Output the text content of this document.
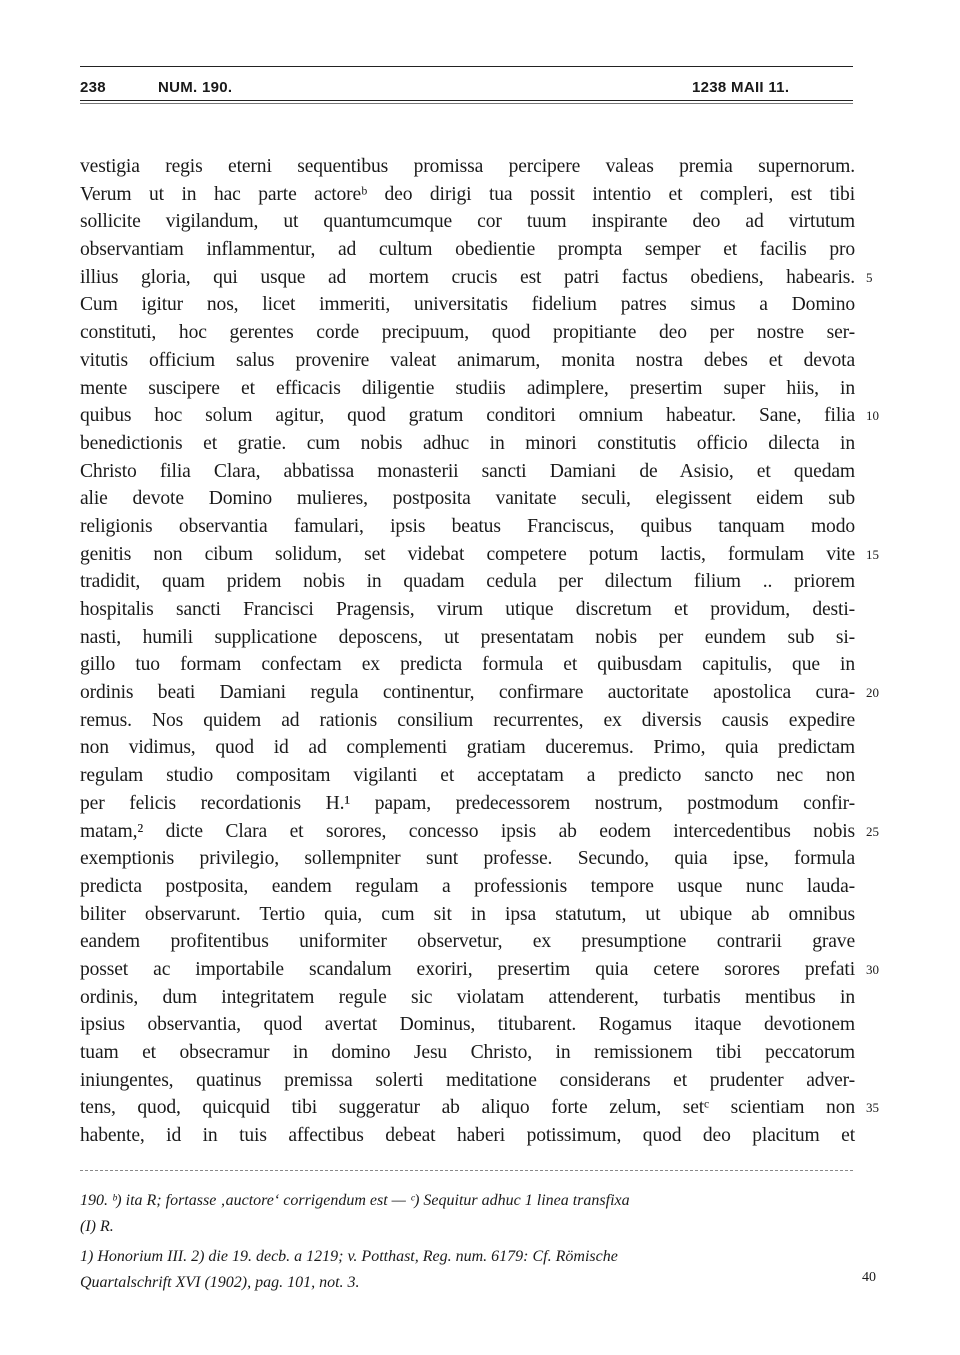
238	NUM. 190.	1238 MAII 11.
vestigia regis eterni sequentibus promissa percipere valeas premia supernorum.
Verum ut in hac parte actoreᵇ deo dirigi tua possit intentio et compleri, est tibi
sollicite vigilandum, ut quantumcumque cor tuum inspirante deo ad virtutum
observantiam inflammentur, ad cultum obedientie prompta semper et facilis pro
illius gloria, qui usque ad mortem crucis est patri factus obediens, habearis. 5
Cum igitur nos, licet immeriti, universitatis fidelium patres simus a Domino
constituti, hoc gerentes corde precipuum, quod propitiante deo per nostre ser-
vitutis officium salus provenire valeat animarum, monita nostra debes et devota
mente suscipere et efficacis diligentie studiis adimplere, presertim super hiis, in
quibus hoc solum agitur, quod gratum conditori omnium habeatur. Sane, filia 10
benedictionis et gratie. cum nobis adhuc in minori constitutis officio dilecta in
Christo filia Clara, abbatissa monasterii sancti Damiani de Asisio, et quedam
alie devote Domino mulieres, postposita vanitate seculi, elegissent eidem sub
religionis observantia famulari, ipsis beatus Franciscus, quibus tanquam modo
genitis non cibum solidum, set videbat competere potum lactis, formulam vite 15
tradidit, quam pridem nobis in quadam cedula per dilectum filium .. priorem
hospitalis sancti Francisci Pragensis, virum utique discretum et providum, desti-
nasti, humili supplicatione deposcens, ut presentatam nobis per eundem sub si-
gillo tuo formam confectam ex predicta formula et quibusdam capitulis, que in
ordinis beati Damiani regula continentur, confirmare auctoritate apostolica cura- 20
remus. Nos quidem ad rationis consilium recurrentes, ex diversis causis expedire
non vidimus, quod id ad complementi gratiam duceremus. Primo, quia predictam
regulam studio compositam vigilanti et acceptatam a predicto sancto nec non
per felicis recordationis H.¹ papam, predecessorem nostrum, postmodum confir-
matam,² dicte Clara et sorores, concesso ipsis ab eodem intercedentibus nobis 25
exemptionis privilegio, sollempniter sunt professe. Secundo, quia ipse, formula
predicta postposita, eandem regulam a professionis tempore usque nunc lauda-
biliter observarunt. Tertio quia, cum sit in ipsa statutum, ut ubique ab omnibus
eandem profitentibus uniformiter observetur, ex presumptione contrarii grave
posset ac importabile scandalum exoriri, presertim quia cetere sorores prefati 30
ordinis, dum integritatem regule sic violatam attenderent, turbatis mentibus in
ipsius observantia, quod avertat Dominus, titubarent. Rogamus itaque devotionem
tuam et obsecramur in domino Jesu Christo, in remissionem tibi peccatorum
iniungentes, quatinus premissa solerti meditatione considerans et prudenter adver-
tens, quod, quicquid tibi suggeratur ab aliquo forte zelum, setᶜ scientiam non 35
habente, id in tuis affectibus debeat haberi potissimum, quod deo placitum et
190. ᵇ) ita R; fortasse ‚auctore‘ corrigendum est — ᶜ) Sequitur adhuc 1 linea transfixa
(I) R.
1) Honorium III. 2) die 19. decb. a 1219; v. Potthast, Reg. num. 6179: Cf. Römische
Quartalschrift XVI (1902), pag. 101, not. 3.	40
